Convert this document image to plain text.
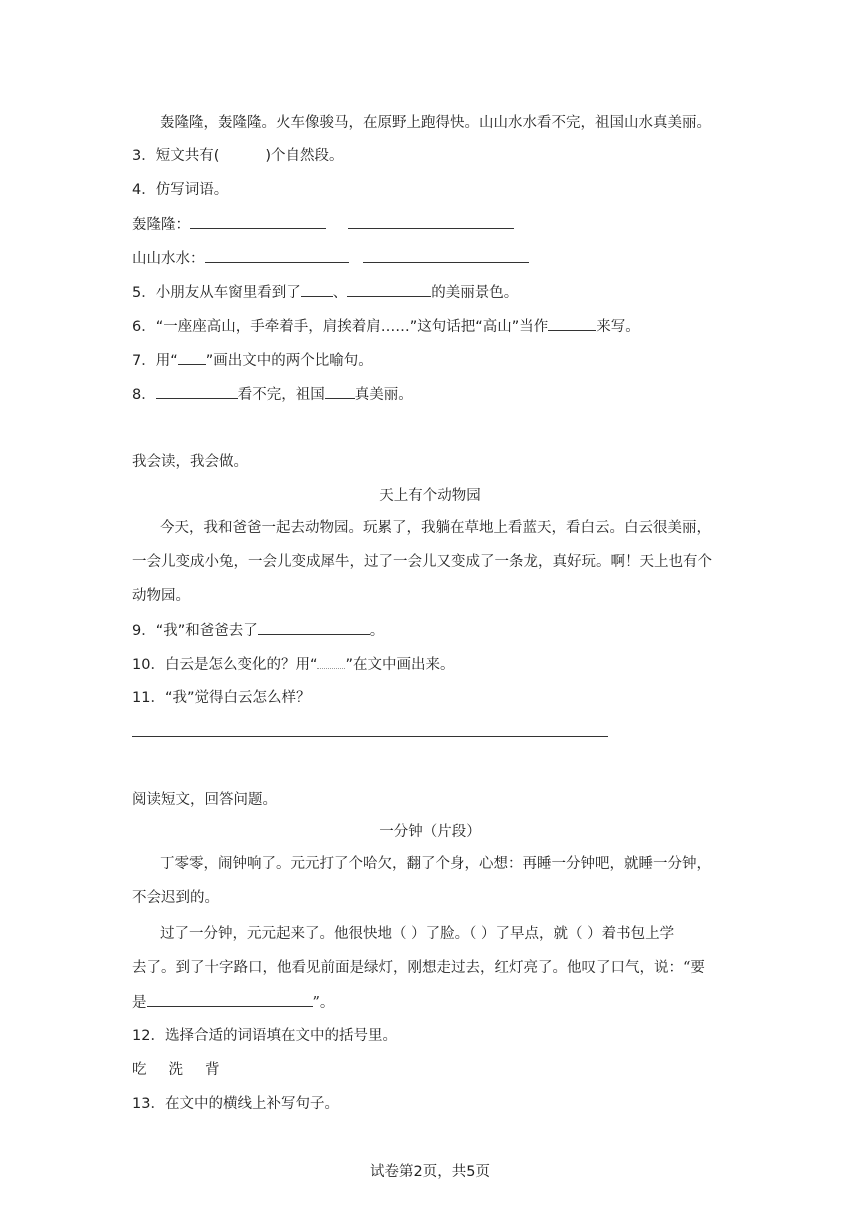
轰隆隆，轰隆隆。火车像骏马，在原野上跑得快。山山水水看不完，祖国山水真美丽。
3．短文共有(	)个自然段。
4．仿写词语。
轰隆隆：
山山水水：
5．小朋友从车窗里看到了 、	的美丽景色。
6．“一座座高山，手牵着手，肩挨着肩……”这句话把“高山”当作	来写。
7．用“ ”画出文中的两个比喻句。
8．	看不完，祖国 真美丽。
我会读，我会做。
天上有个动物园
今天，我和爸爸一起去动物园。玩累了，我躺在草地上看蓝天，看白云。白云很美丽，
一会儿变成小兔，一会儿变成犀牛，过了一会儿又变成了一条龙，真好玩。啊！天上也有个
动物园。
9．“我”和爸爸去了	。
10．白云是怎么变化的？用“ ”在文中画出来。
11．“我”觉得白云怎么样？
阅读短文，回答问题。
一分钟（片段）
丁零零，闹钟响了。元元打了个哈欠，翻了个身，心想：再睡一分钟吧，就睡一分钟，
不会迟到的。
过了一分钟，元元起来了。他很快地（ ）了脸。（ ）了早点，就（ ）着书包上学
去了。到了十字路口，他看见前面是绿灯，刚想走过去，红灯亮了。他叹了口气，说：“要
是	”。
12．选择合适的词语填在文中的括号里。
吃 洗 背
13．在文中的横线上补写句子。
试卷第2页，共5页
